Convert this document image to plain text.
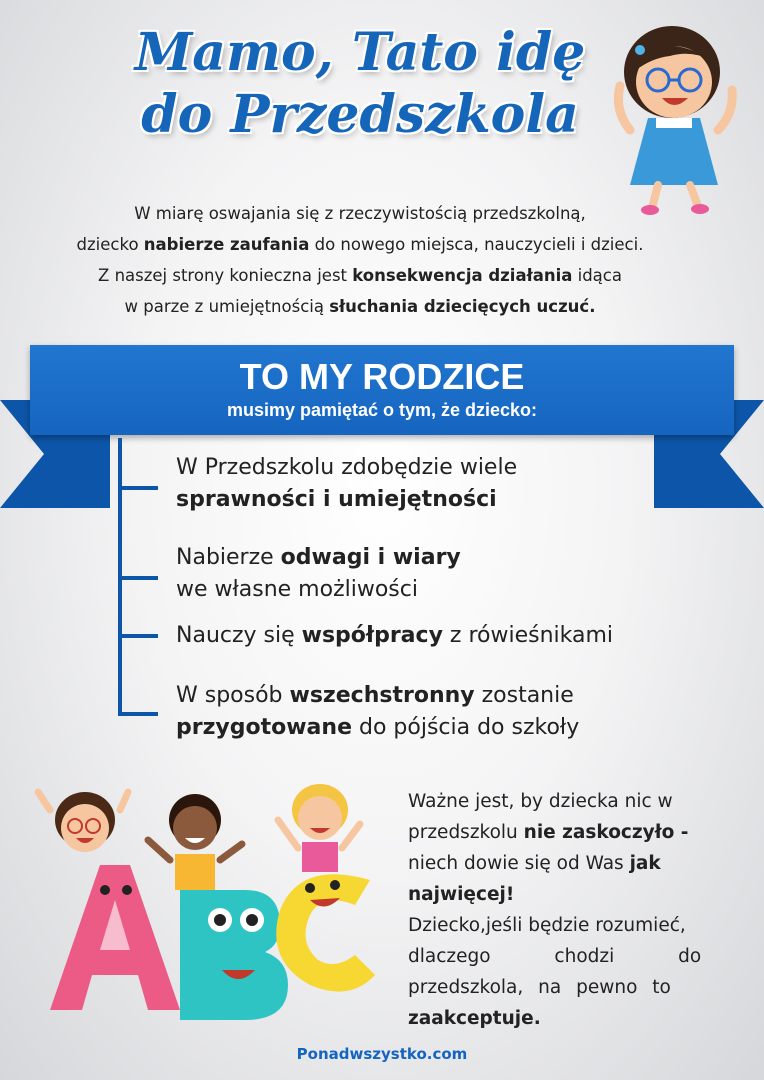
Mamo, Tato idę
do Przedszkola
W miarę oswajania się z rzeczywistością przedszkolną,
dziecko nabierze zaufania do nowego miejsca, nauczycieli i dzieci.
Z naszej strony konieczna jest konsekwencja działania idąca
w parze z umiejętnością słuchania dziecięcych uczuć.
TO MY RODZICE
musimy pamiętać o tym, że dziecko:
W Przedszkolu zdobędzie wiele
sprawności i umiejętności
Nabierze odwagi i wiary
we własne możliwości
Nauczy się współpracy z rówieśnikami
W sposób wszechstronny zostanie
przygotowane do pójścia do szkoły
Ważne jest, by dziecka nic w
przedszkolu nie zaskoczyło -
niech dowie się od Was jak
najwięcej!
Dziecko,jeśli będzie rozumieć,
dlaczego chodzi do
przedszkola, na pewno to
zaakceptuje.
Ponadwszystko.com
